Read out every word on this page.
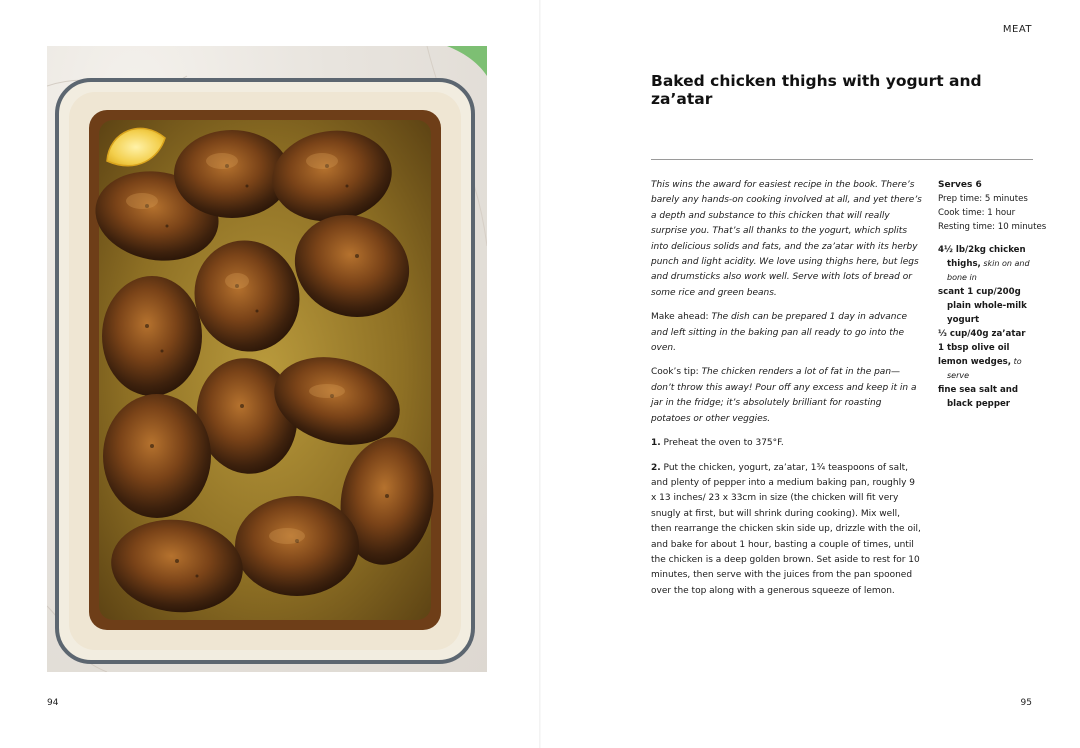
MEAT
Baked chicken thighs with yogurt and za’atar

This wins the award for easiest recipe in the book. There’s barely any hands-on cooking involved at all, and yet there’s a depth and substance to this chicken that will really surprise you. That’s all thanks to the yogurt, which splits into delicious solids and fats, and the za’atar with its herby punch and light acidity. We love using thighs here, but legs and drumsticks also work well. Serve with lots of bread or some rice and green beans.

Make ahead: The dish can be prepared 1 day in advance and left sitting in the baking pan all ready to go into the oven.

Cook’s tip: The chicken renders a lot of fat in the pan—don’t throw this away! Pour off any excess and keep it in a jar in the fridge; it’s absolutely brilliant for roasting potatoes or other veggies.

1. Preheat the oven to 375°F.

2. Put the chicken, yogurt, za’atar, 1¾ teaspoons of salt, and plenty of pepper into a medium baking pan, roughly 9 x 13 inches/ 23 x 33cm in size (the chicken will fit very snugly at first, but will shrink during cooking). Mix well, then rearrange the chicken skin side up, drizzle with the oil, and bake for about 1 hour, basting a couple of times, until the chicken is a deep golden brown. Set aside to rest for 10 minutes, then serve with the juices from the pan spooned over the top along with a generous squeeze of lemon.

Serves 6
Prep time: 5 minutes
Cook time: 1 hour
Resting time: 10 minutes
4½ lb/2kg chicken thighs, skin on and bone in
scant 1 cup/200g plain whole-milk yogurt
⅓ cup/40g za’atar
1 tbsp olive oil
lemon wedges, to serve
fine sea salt and black pepper
94	95
